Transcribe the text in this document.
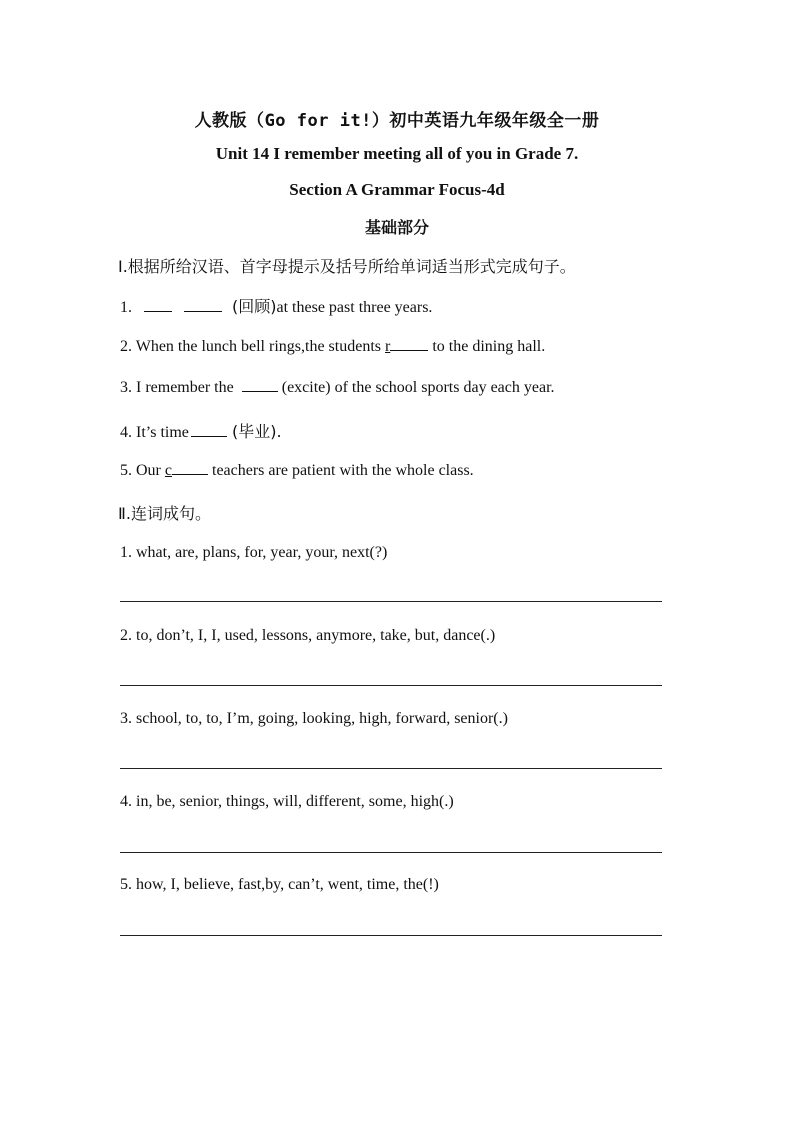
人教版（Go for it!）初中英语九年级年级全一册
Unit 14 I remember meeting all of you in Grade 7.
Section A Grammar Focus-4d
基础部分
Ⅰ.根据所给汉语、首字母提示及括号所给单词适当形式完成句子。
1.	(回顾)at these past three years.
2. When the lunch bell rings,the students r to the dining hall.
3. I remember the	(excite) of the school sports day each year.
4. It’s time (毕业).
5. Our c teachers are patient with the whole class.
Ⅱ.连词成句。
1. what, are, plans, for, year, your, next(?)
2. to, don’t, I, I, used, lessons, anymore, take, but, dance(.)
3. school, to, to, I’m, going, looking, high, forward, senior(.)
4. in, be, senior, things, will, different, some, high(.)
5. how, I, believe, fast,by, can’t, went, time, the(!)
